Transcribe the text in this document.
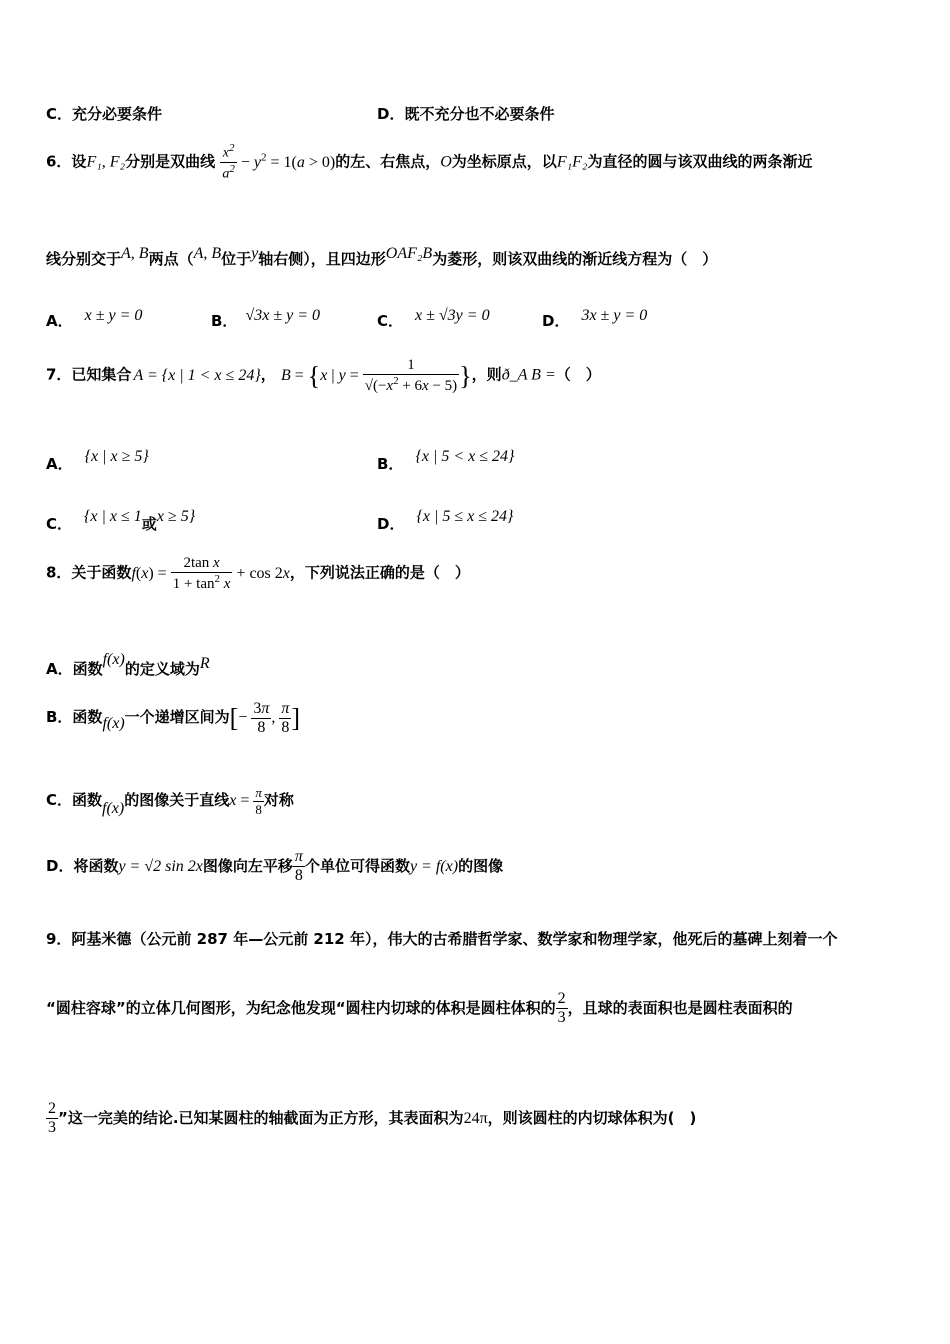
C．充分必要条件	D．既不充分也不必要条件
6．设F₁, F₂分别是双曲线 $\frac{x^2}{a^2} - y^2 = 1(a > 0)$的左、右焦点，O为坐标原点，以F₁F₂为直径的圆与该双曲线的两条渐近
线分别交于A, B两点（A, B位于y轴右侧），且四边形OAF₂B为菱形，则该双曲线的渐近线方程为（　）
A． x ± y = 0	B． √3x ± y = 0	C． x ± √3y = 0	D． 3x ± y = 0
7．已知集合 A = {x | 1 < x ≤ 24}， B = {x | $y = \frac{1}{√(-x^2 + 6x - 5)}$ }，则ð_A B =（　）
A． {x | x ≥ 5}	B． {x | 5 < x ≤ 24}
C． {x | x ≤ 1或x ≥ 5}	D． {x | 5 ≤ x ≤ 24}
8．关于函数$f(x) = \frac{\text{2tan x}}{1 + \tan^2 x} + \cos 2x$，下列说法正确的是（　）
A．函数f(x)的定义域为R
B．函数f(x)一个递增区间为[− $\frac{3\pi}{8}$ , $\frac{\pi}{8}$ ]
C．函数f(x)的图像关于直线$x = \frac{\pi}{8}$ 对称
D．将函数y = √2 sin 2x图像向左平移 $\frac{\pi}{8}$ 个单位可得函数y = f(x)的图像
9．阿基米德（公元前 287 年—公元前 212 年），伟大的古希腊哲学家、数学家和物理学家，他死后的墓碑上刻着一个
“圆柱容球”的立体几何图形，为纪念他发现“圆柱内切球的体积是圆柱体积的 $\frac{2}{3}$ ，且球的表面积也是圆柱表面积的
$\frac{2}{3}$ ”这一完美的结论.已知某圆柱的轴截面为正方形，其表面积为24π，则该圆柱的内切球体积为(　)
